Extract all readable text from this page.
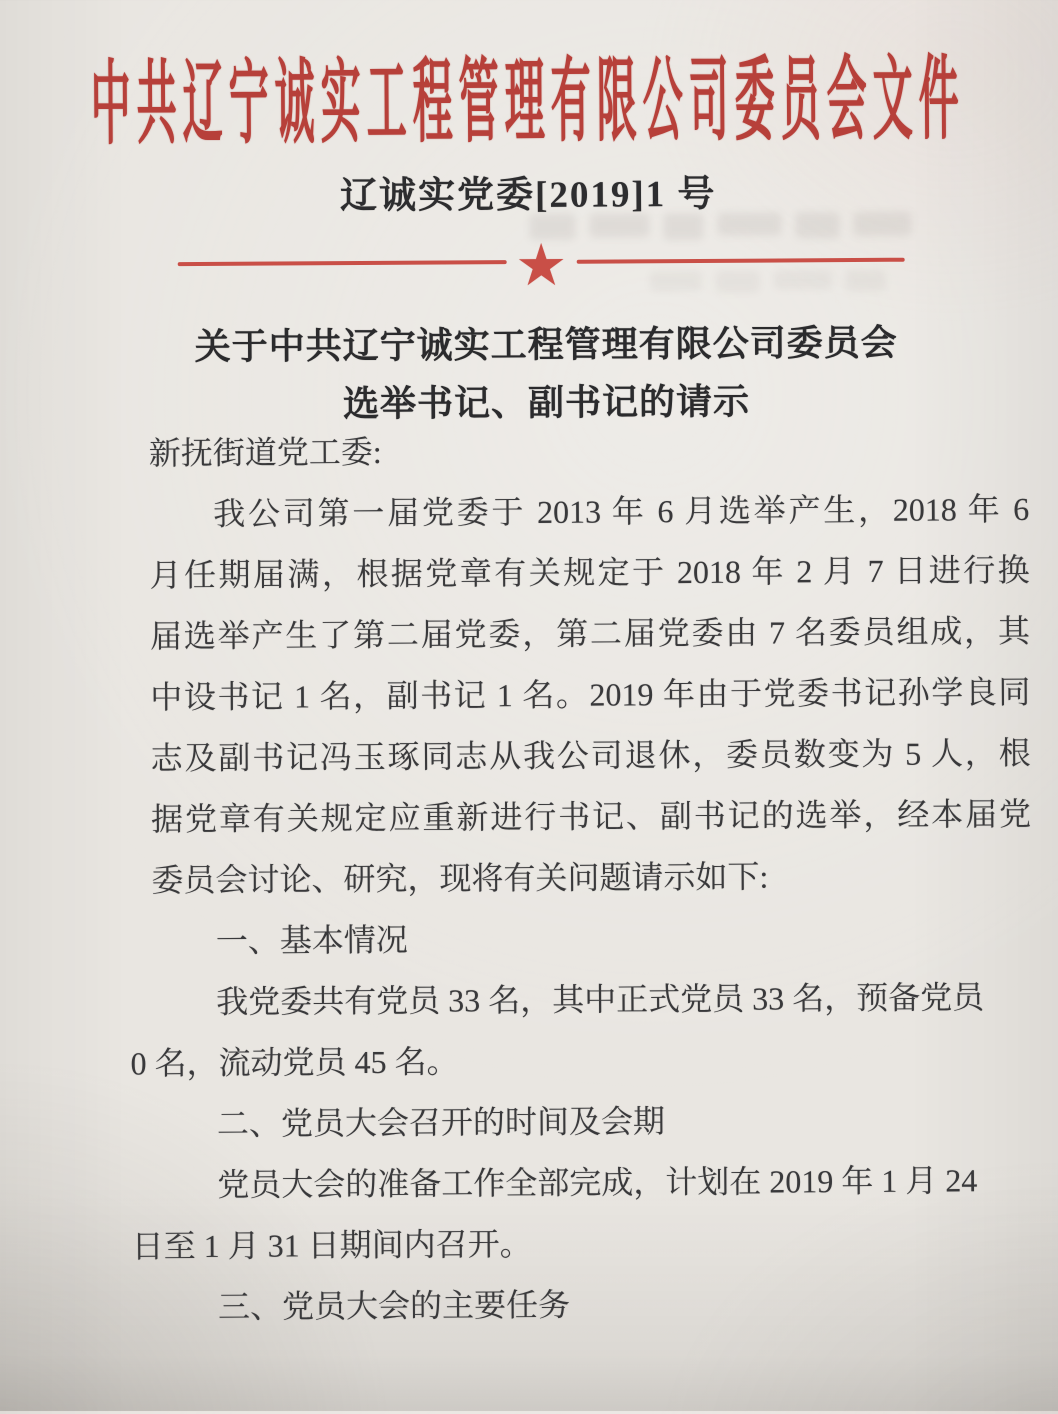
中共辽宁诚实工程管理有限公司委员会文件
辽诚实党委[2019]1 号
★
关于中共辽宁诚实工程管理有限公司委员会
选举书记、副书记的请示
新抚街道党工委:
我公司第一届党委于 2013 年 6 月选举产生，2018 年 6
月任期届满，根据党章有关规定于 2018 年 2 月 7 日进行换
届选举产生了第二届党委，第二届党委由 7 名委员组成，其
中设书记 1 名，副书记 1 名。2019 年由于党委书记孙学良同
志及副书记冯玉琢同志从我公司退休，委员数变为 5 人，根
据党章有关规定应重新进行书记、副书记的选举，经本届党
委员会讨论、研究，现将有关问题请示如下:
一、基本情况
我党委共有党员 33 名，其中正式党员 33 名，预备党员
0 名，流动党员 45 名。
二、党员大会召开的时间及会期
党员大会的准备工作全部完成，计划在 2019 年 1 月 24
日至 1 月 31 日期间内召开。
三、党员大会的主要任务
